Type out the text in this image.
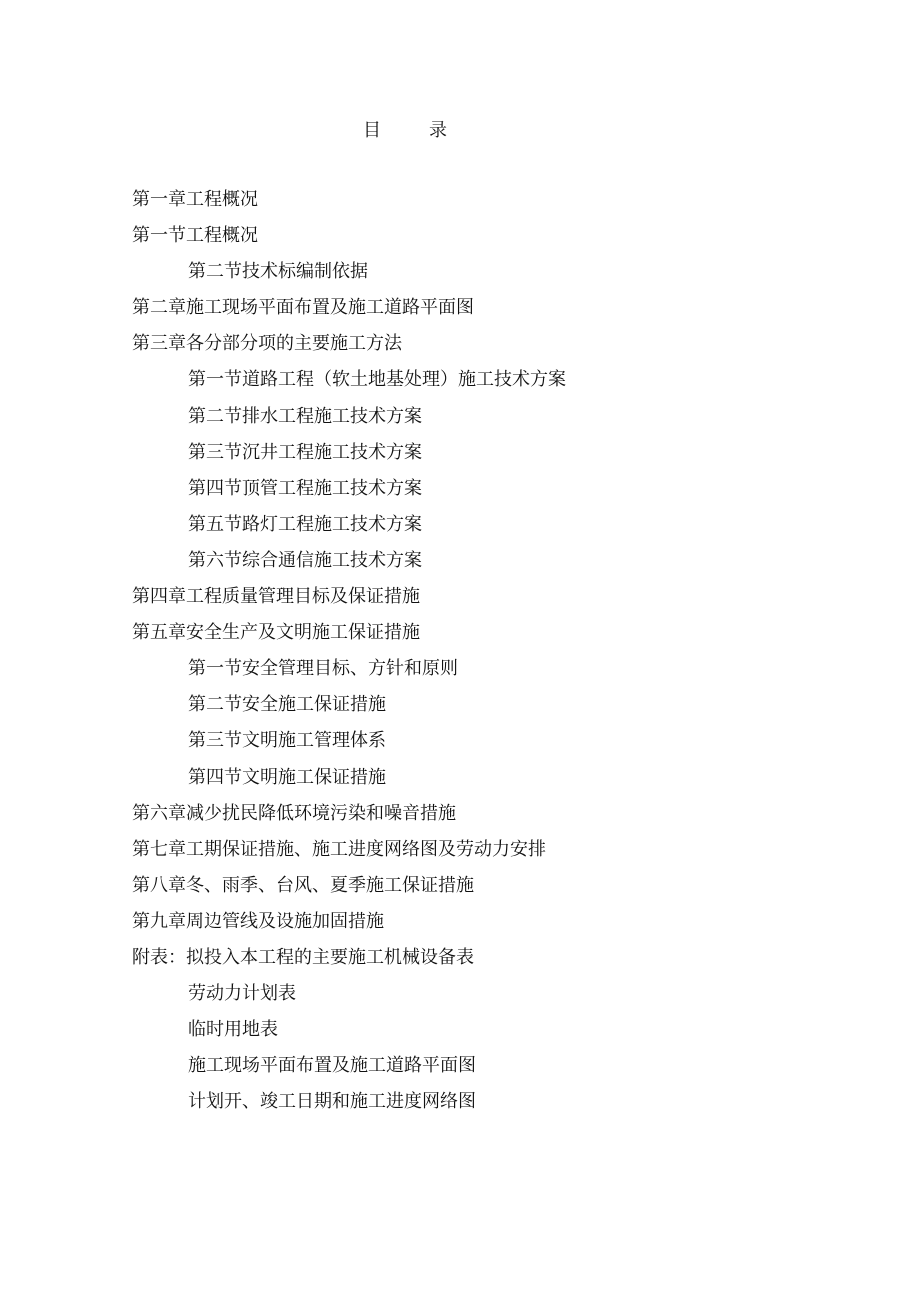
目	录
第一章工程概况
第一节工程概况
第二节技术标编制依据
第二章施工现场平面布置及施工道路平面图
第三章各分部分项的主要施工方法
第一节道路工程（软土地基处理）施工技术方案
第二节排水工程施工技术方案
第三节沉井工程施工技术方案
第四节顶管工程施工技术方案
第五节路灯工程施工技术方案
第六节综合通信施工技术方案
第四章工程质量管理目标及保证措施
第五章安全生产及文明施工保证措施
第一节安全管理目标、方针和原则
第二节安全施工保证措施
第三节文明施工管理体系
第四节文明施工保证措施
第六章减少扰民降低环境污染和噪音措施
第七章工期保证措施、施工进度网络图及劳动力安排
第八章冬、雨季、台风、夏季施工保证措施
第九章周边管线及设施加固措施
附表：拟投入本工程的主要施工机械设备表
劳动力计划表
临时用地表
施工现场平面布置及施工道路平面图
计划开、竣工日期和施工进度网络图
